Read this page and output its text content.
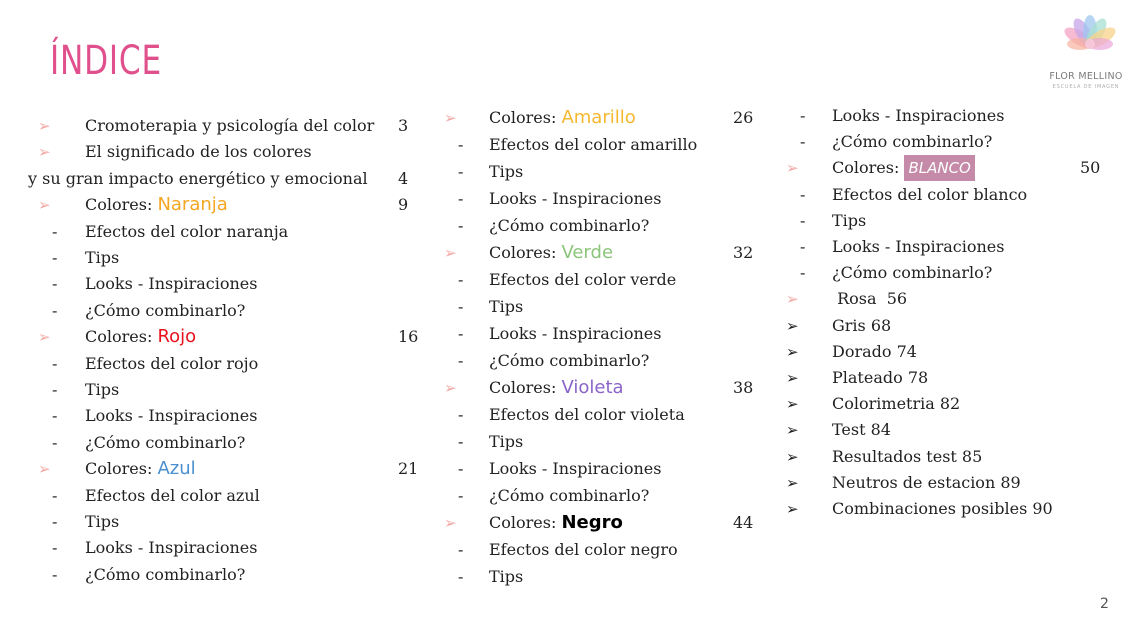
ÍNDICE	FLOR MELLINO
ESCUELA DE IMAGEN
➢ Cromoterapia y psicología del color 3
➢ El significado de los colores
y su gran impacto energético y emocional 4
➢ Colores: Naranja	9
- Efectos del color naranja
- Tips
- Looks - Inspiraciones
- ¿Cómo combinarlo?
➢ Colores: Rojo	16
- Efectos del color rojo
- Tips
- Looks - Inspiraciones
- ¿Cómo combinarlo?
➢ Colores: Azul	21
- Efectos del color azul
- Tips
- Looks - Inspiraciones
- ¿Cómo combinarlo?
➢ Colores: Amarillo	26
- Efectos del color amarillo
- Tips
- Looks - Inspiraciones
- ¿Cómo combinarlo?
➢ Colores: Verde	32
- Efectos del color verde
- Tips
- Looks - Inspiraciones
- ¿Cómo combinarlo?
➢ Colores: Violeta	38
- Efectos del color violeta
- Tips
- Looks - Inspiraciones
- ¿Cómo combinarlo?
➢ Colores: Negro	44
- Efectos del color negro
- Tips
- Looks - Inspiraciones
- ¿Cómo combinarlo?
➢ Colores: BLANCO	50
- Efectos del color blanco
- Tips
- Looks - Inspiraciones
- ¿Cómo combinarlo?
➢ Rosa  56
➢ Gris 68
➢ Dorado 74
➢ Plateado 78
➢ Colorimetria 82
➢ Test 84
➢ Resultados test 85
➢ Neutros de estacion 89
➢ Combinaciones posibles 90
2
